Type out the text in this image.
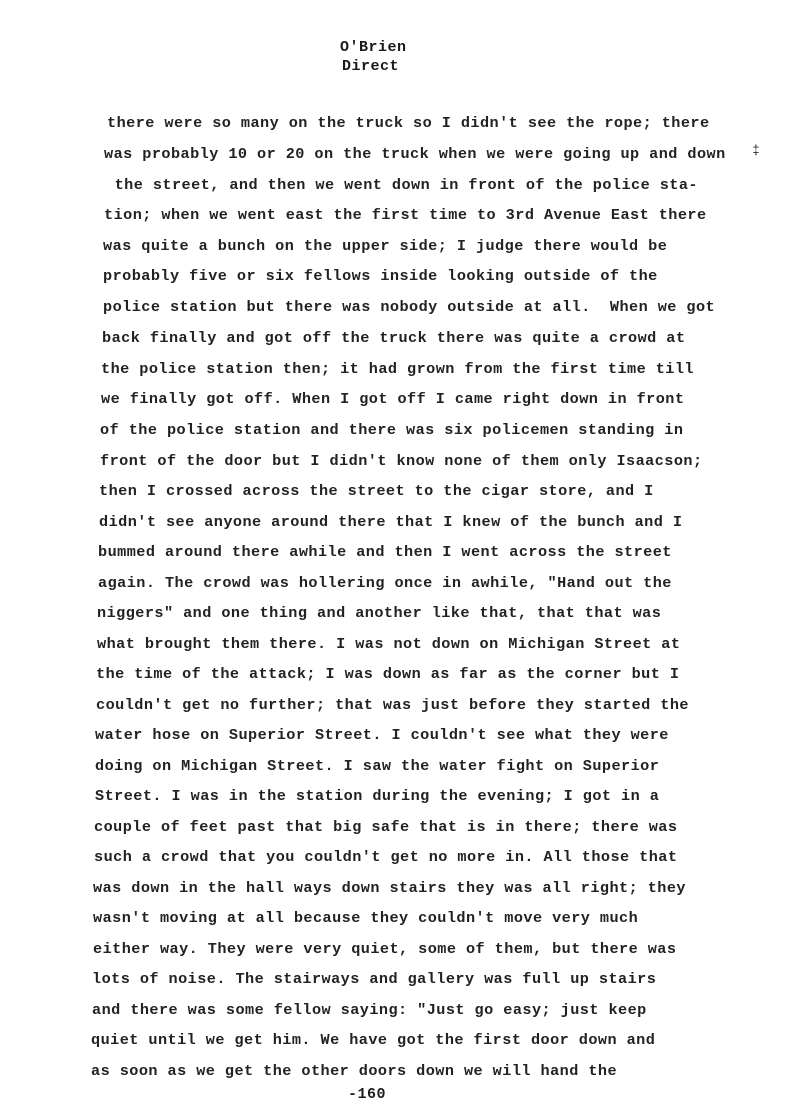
O'Brien
Direct
there were so many on the truck so I didn't see the rope; there
was probably 10 or 20 on the truck when we were going up and down
the street, and then we went down in front of the police sta-
tion; when we went east the first time to 3rd Avenue East there
was quite a bunch on the upper side; I judge there would be
probably five or six fellows inside looking outside of the
police station but there was nobody outside at all.  When we got
back finally and got off the truck there was quite a crowd at
the police station then; it had grown from the first time till
we finally got off. When I got off I came right down in front
of the police station and there was six policemen standing in
front of the door but I didn't know none of them only Isaacson;
then I crossed across the street to the cigar store, and I
didn't see anyone around there that I knew of the bunch and I
bummed around there awhile and then I went across the street
again. The crowd was hollering once in awhile, "Hand out the
niggers" and one thing and another like that, that that was
what brought them there. I was not down on Michigan Street at
the time of the attack; I was down as far as the corner but I
couldn't get no further; that was just before they started the
water hose on Superior Street. I couldn't see what they were
doing on Michigan Street. I saw the water fight on Superior
Street. I was in the station during the evening; I got in a
couple of feet past that big safe that is in there; there was
such a crowd that you couldn't get no more in. All those that
was down in the hall ways down stairs they was all right; they
wasn't moving at all because they couldn't move very much
either way. They were very quiet, some of them, but there was
lots of noise. The stairways and gallery was full up stairs
and there was some fellow saying: "Just go easy; just keep
quiet until we get him. We have got the first door down and
as soon as we get the other doors down we will hand the
‡
-160
